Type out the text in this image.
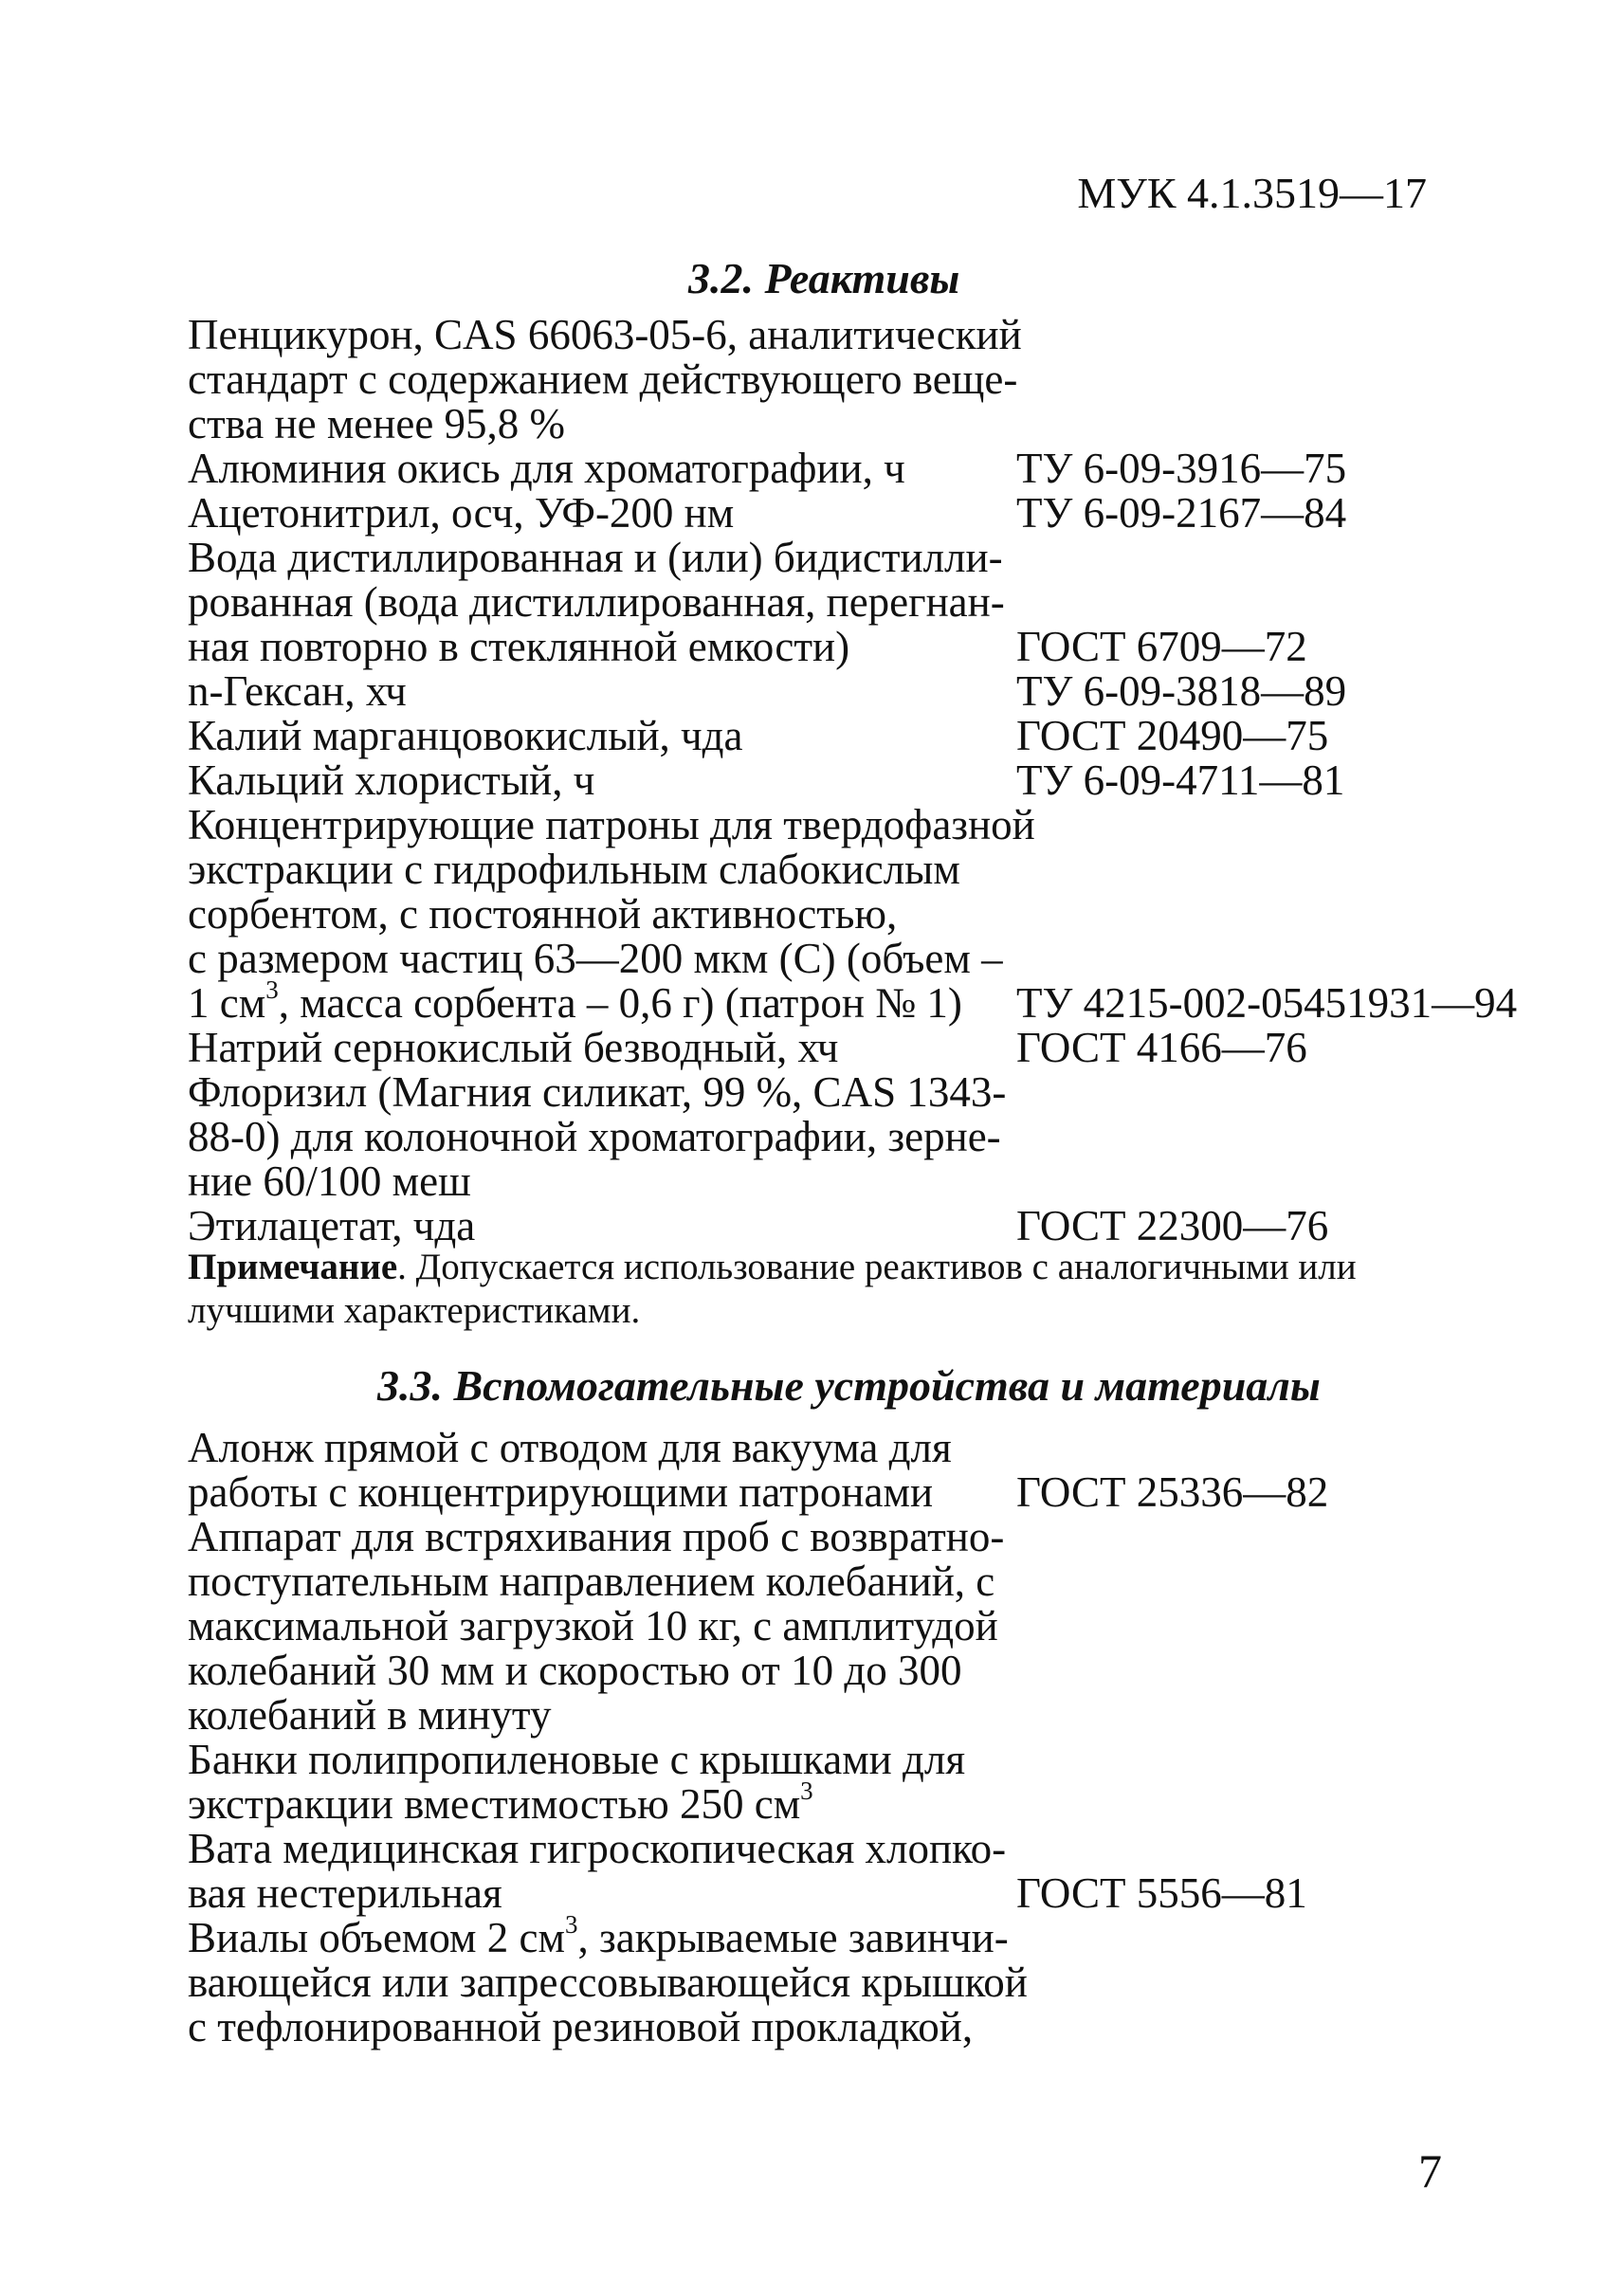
МУК 4.1.3519—17
3.2. Реактивы
Пенцикурон, CAS 66063-05-6, аналитический
стандарт с содержанием действующего веще-
ства не менее 95,8 %
Алюминия окись для хроматографии, ч	ТУ 6-09-3916—75
Ацетонитрил, осч, УФ-200 нм	ТУ 6-09-2167—84
Вода дистиллированная и (или) бидистилли-
рованная (вода дистиллированная, перегнан-
ная повторно в стеклянной емкости)	ГОСТ 6709—72
n-Гексан, хч	ТУ 6-09-3818—89
Калий марганцовокислый, чда	ГОСТ 20490—75
Кальций хлористый, ч	ТУ 6-09-4711—81
Концентрирующие патроны для твердофазной
экстракции с гидрофильным слабокислым
сорбентом, с постоянной активностью,
с размером частиц 63—200 мкм (С) (объем –
1 $см^3$, масса сорбента – 0,6 г) (патрон № 1)	ТУ 4215-002-05451931—94
Натрий сернокислый безводный, хч	ГОСТ 4166—76
Флоризил (Магния силикат, 99 %, CAS 1343-
88-0) для колоночной хроматографии, зерне-
ние 60/100 меш
Этилацетат, чда	ГОСТ 22300—76
Примечание. Допускается использование реактивов с аналогичными или
лучшими характеристиками.
3.3. Вспомогательные устройства и материалы
Алонж прямой с отводом для вакуума для
работы с концентрирующими патронами	ГОСТ 25336—82
Аппарат для встряхивания проб с возвратно-
поступательным направлением колебаний, с
максимальной загрузкой 10 кг, с амплитудой
колебаний 30 мм и скоростью от 10 до 300
колебаний в минуту
Банки полипропиленовые с крышками для
экстракции вместимостью 250 $см^3$
Вата медицинская гигроскопическая хлопко-
вая нестерильная	ГОСТ 5556—81
Виалы объемом 2 $см^3$, закрываемые завинчи-
вающейся или запрессовывающейся крышкой
с тефлонированной резиновой прокладкой,
7
